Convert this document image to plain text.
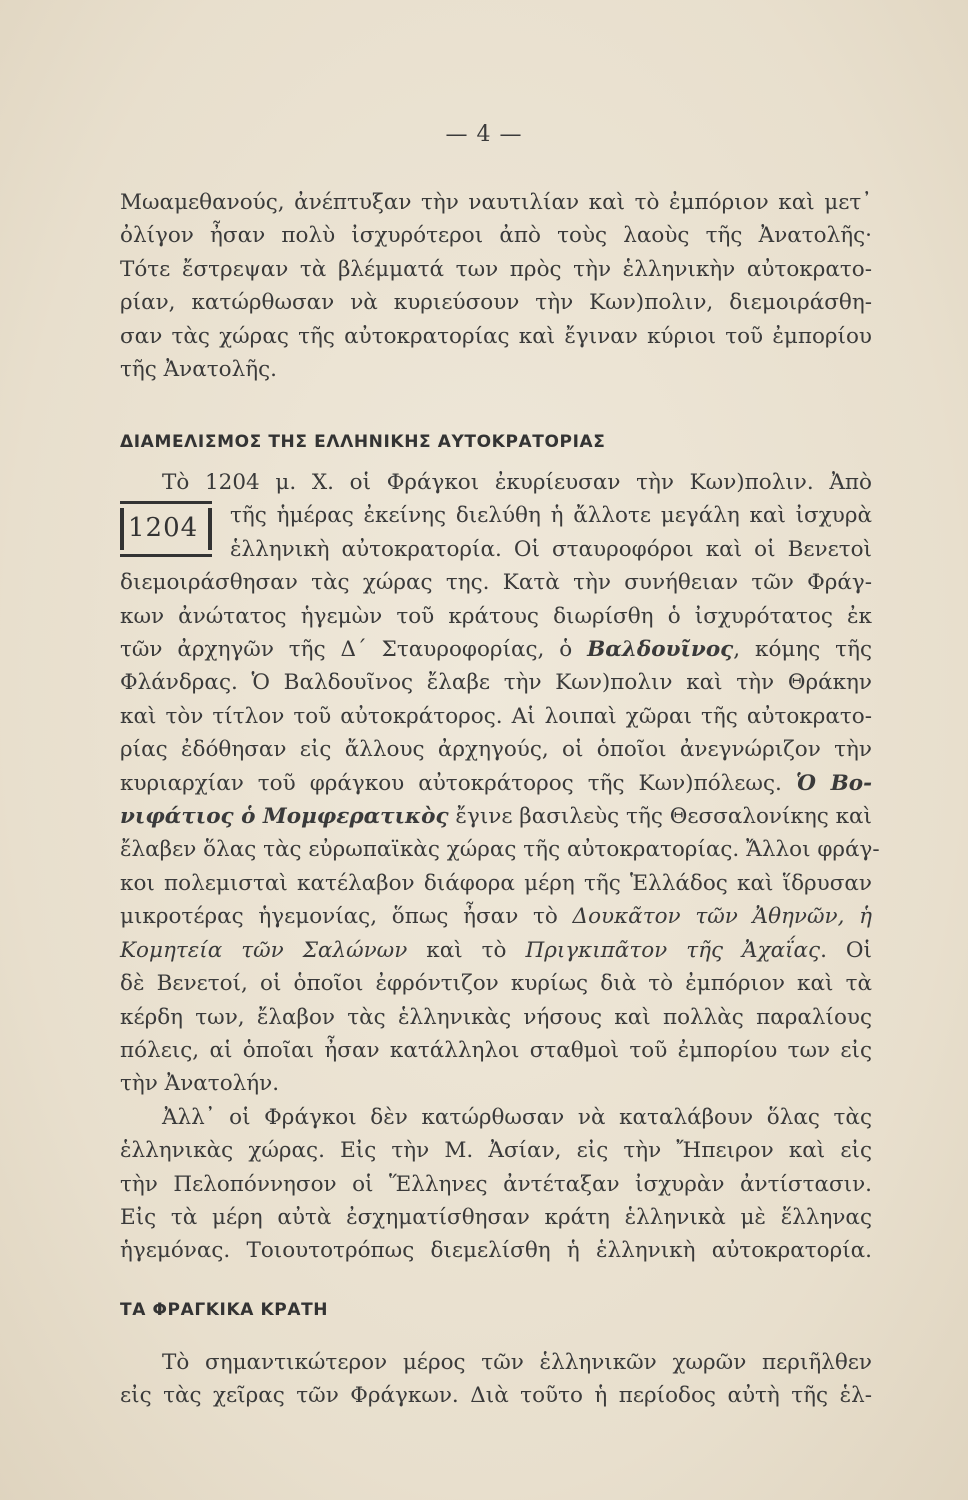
— 4 —
Μωαμεθανούς, ἀνέπτυξαν τὴν ναυτιλίαν καὶ τὸ ἐμπόριον καὶ μετ᾽
ὀλίγον ἦσαν πολὺ ἰσχυρότεροι ἀπὸ τοὺς λαοὺς τῆς Ἀνατολῆς·
Τότε ἔστρεψαν τὰ βλέμματά των πρὸς τὴν ἑλληνικὴν αὐτοκρατο-
ρίαν, κατώρθωσαν νὰ κυριεύσουν τὴν Κων)πολιν, διεμοιράσθη-
σαν τὰς χώρας τῆς αὐτοκρατορίας καὶ ἔγιναν κύριοι τοῦ ἐμπορίου
τῆς Ἀνατολῆς.
ΔΙΑΜΕΛΙΣΜΟΣ ΤΗΣ ΕΛΛΗΝΙΚΗΣ ΑΥΤΟΚΡΑΤΟΡΙΑΣ
Τὸ 1204 μ. Χ. οἱ Φράγκοι ἐκυρίευσαν τὴν Κων)πολιν. Ἀπὸ
1204	τῆς ἡμέρας ἐκείνης διελύθη ἡ ἄλλοτε μεγάλη καὶ ἰσχυρὰ
ἑλληνικὴ αὐτοκρατορία. Οἱ σταυροφόροι καὶ οἱ Βενετοὶ
διεμοιράσθησαν τὰς χώρας της. Κατὰ τὴν συνήθειαν τῶν Φράγ-
κων ἀνώτατος ἡγεμὼν τοῦ κράτους διωρίσθη ὁ ἰσχυρότατος ἐκ
τῶν ἀρχηγῶν τῆς Δ΄ Σταυροφορίας, ὁ Βαλδουῖνος, κόμης τῆς
Φλάνδρας. Ὁ Βαλδουῖνος ἔλαβε τὴν Κων)πολιν καὶ τὴν Θράκην
καὶ τὸν τίτλον τοῦ αὐτοκράτορος. Αἱ λοιπαὶ χῶραι τῆς αὐτοκρατο-
ρίας ἐδόθησαν εἰς ἄλλους ἀρχηγούς, οἱ ὁποῖοι ἀνεγνώριζον τὴν
κυριαρχίαν τοῦ φράγκου αὐτοκράτορος τῆς Κων)πόλεως. Ὁ Βο-
νιφάτιος ὁ Μομφερατικὸς ἔγινε βασιλεὺς τῆς Θεσσαλονίκης καὶ
ἔλαβεν ὅλας τὰς εὐρωπαϊκὰς χώρας τῆς αὐτοκρατορίας. Ἄλλοι φράγ-
κοι πολεμισταὶ κατέλαβον διάφορα μέρη τῆς Ἑλλάδος καὶ ἵδρυσαν
μικροτέρας ἡγεμονίας, ὅπως ἦσαν τὸ Δουκᾶτον τῶν Ἀθηνῶν, ἡ
Κομητεία τῶν Σαλώνων καὶ τὸ Πριγκιπᾶτον τῆς Ἀχαΐας. Οἱ
δὲ Βενετοί, οἱ ὁποῖοι ἐφρόντιζον κυρίως διὰ τὸ ἐμπόριον καὶ τὰ
κέρδη των, ἔλαβον τὰς ἑλληνικὰς νήσους καὶ πολλὰς παραλίους
πόλεις, αἱ ὁποῖαι ἦσαν κατάλληλοι σταθμοὶ τοῦ ἐμπορίου των εἰς
τὴν Ἀνατολήν.
Ἀλλ᾽ οἱ Φράγκοι δὲν κατώρθωσαν νὰ καταλάβουν ὅλας τὰς
ἑλληνικὰς χώρας. Εἰς τὴν Μ. Ἀσίαν, εἰς τὴν Ἤπειρον καὶ εἰς
τὴν Πελοπόννησον οἱ Ἕλληνες ἀντέταξαν ἰσχυρὰν ἀντίστασιν.
Εἰς τὰ μέρη αὐτὰ ἐσχηματίσθησαν κράτη ἑλληνικὰ μὲ ἕλληνας
ἡγεμόνας. Τοιουτοτρόπως διεμελίσθη ἡ ἑλληνικὴ αὐτοκρατορία.
ΤΑ ΦΡΑΓΚΙΚΑ ΚΡΑΤΗ
Τὸ σημαντικώτερον μέρος τῶν ἑλληνικῶν χωρῶν περιῆλθεν
εἰς τὰς χεῖρας τῶν Φράγκων. Διὰ τοῦτο ἡ περίοδος αὐτὴ τῆς ἑλ-
